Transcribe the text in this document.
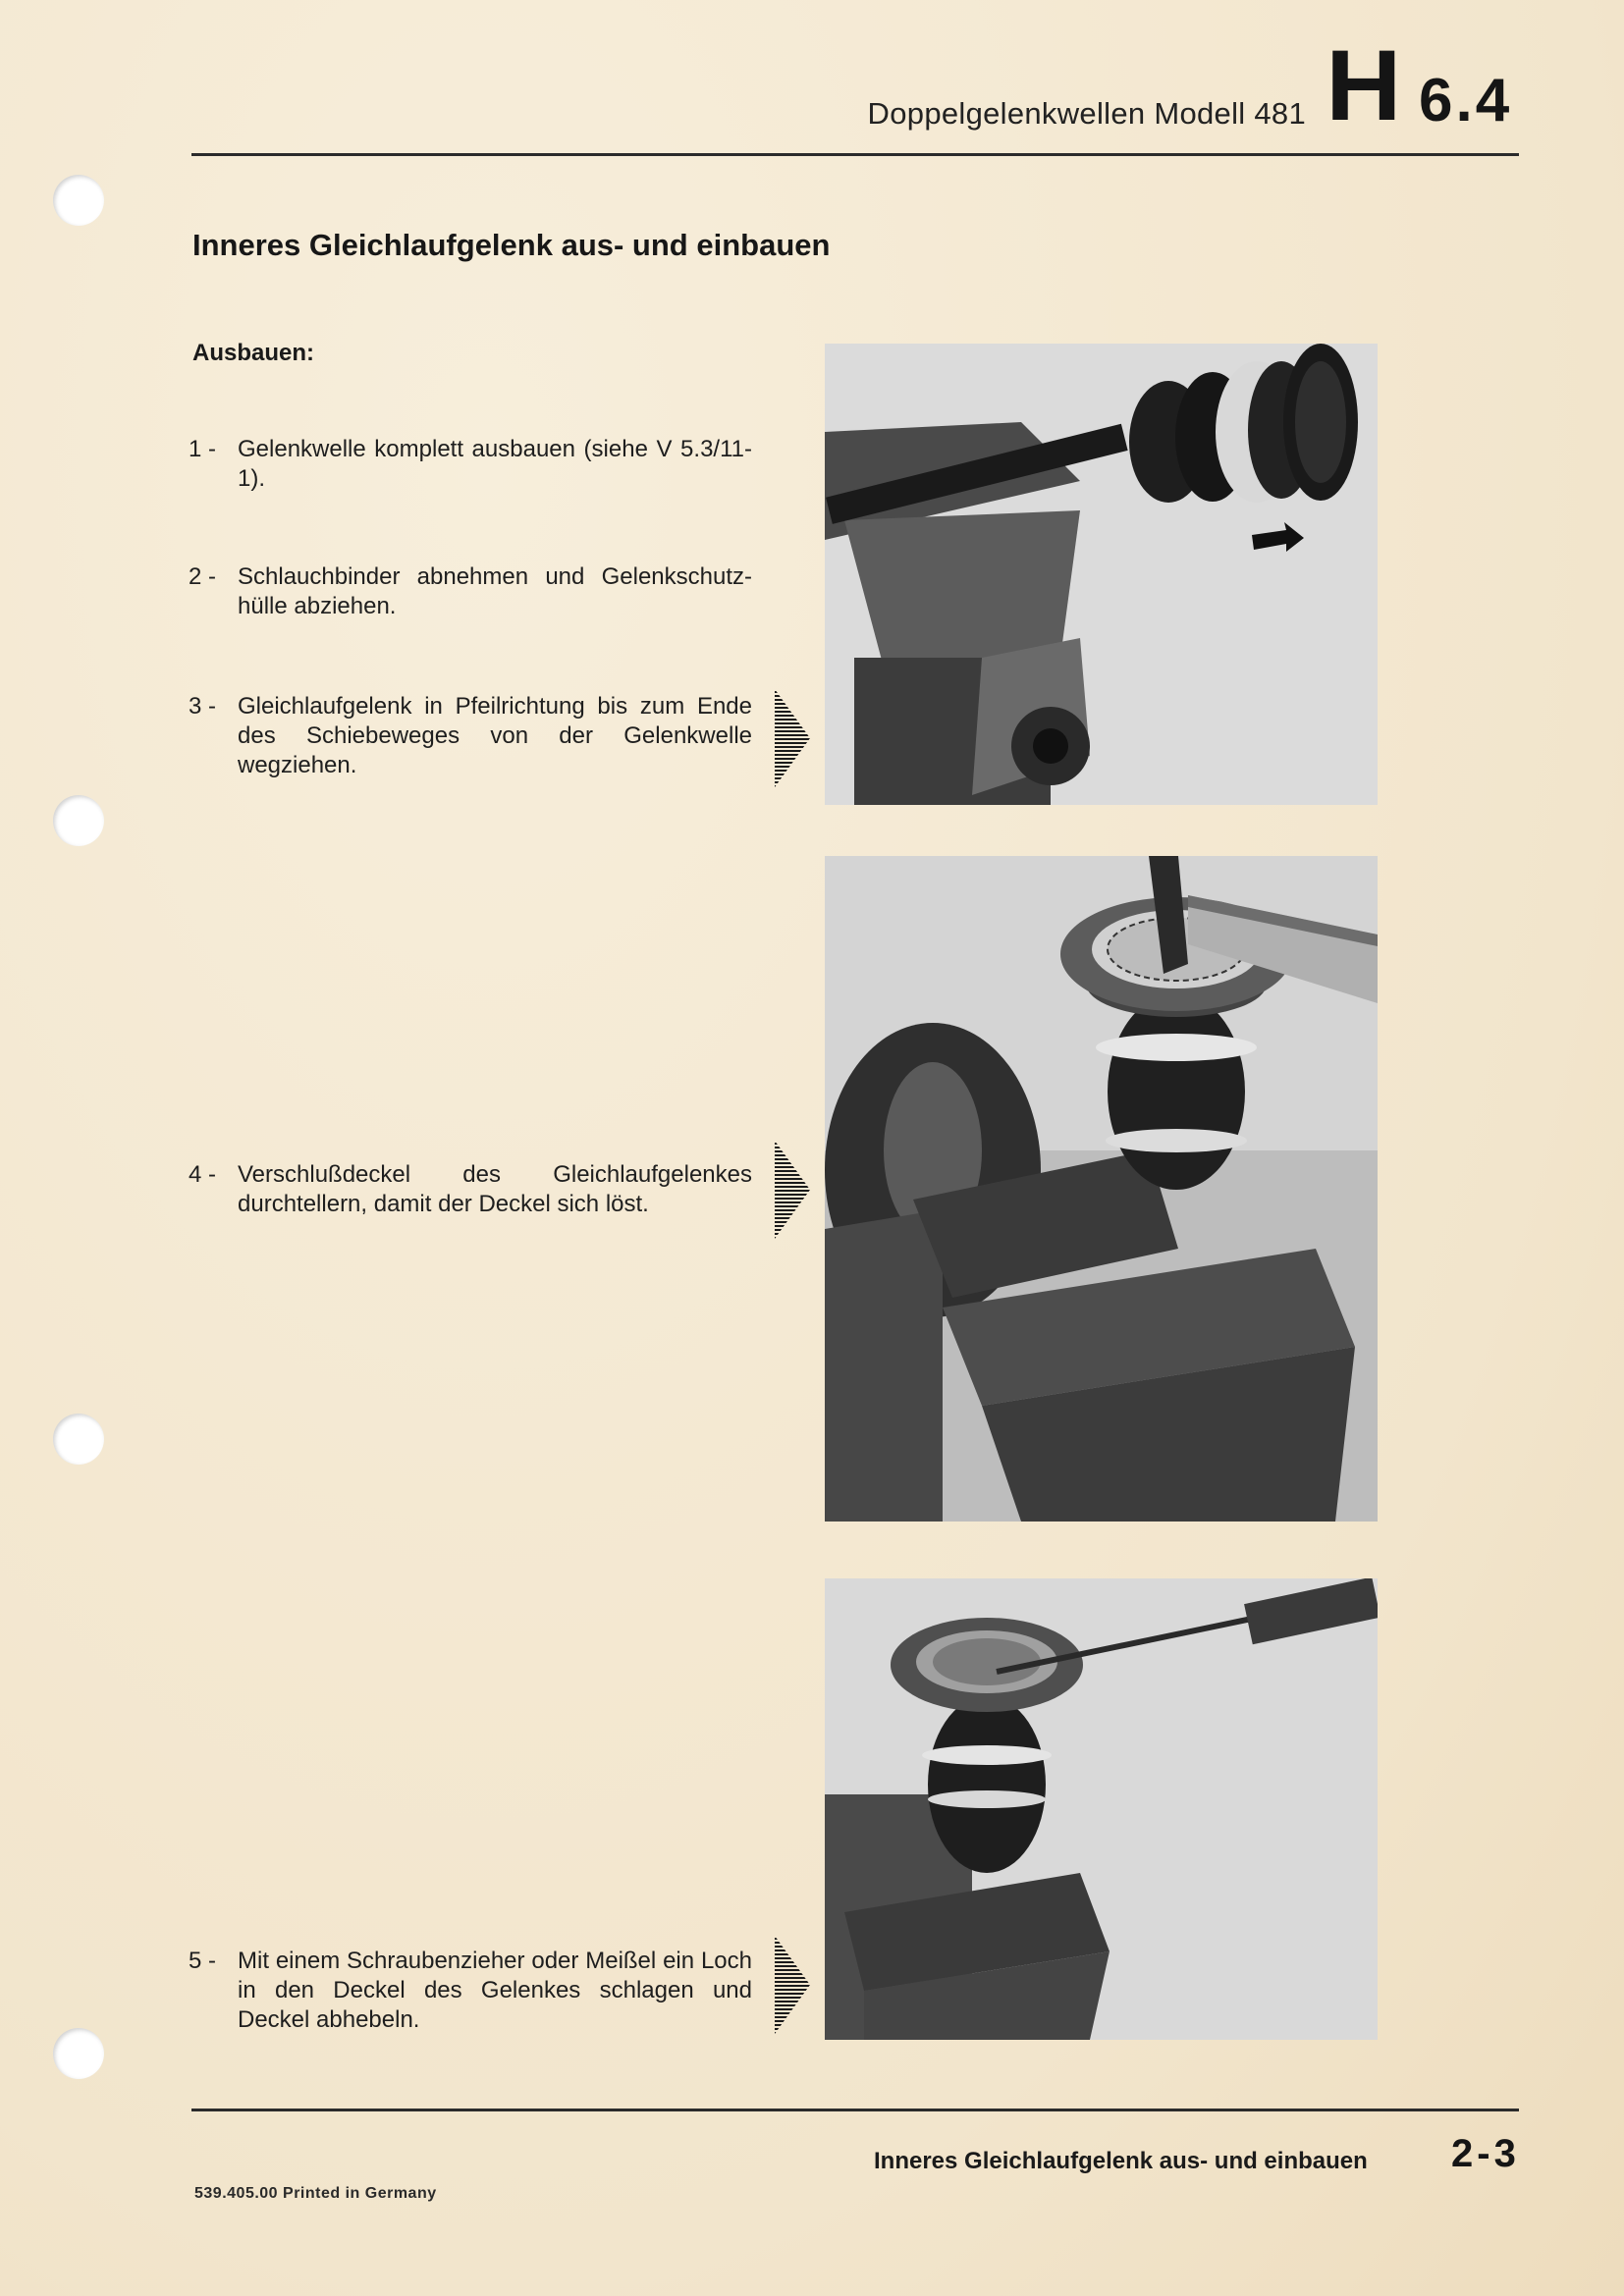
Doppelgelenkwellen Modell 481 H 6.4
Inneres Gleichlaufgelenk aus- und einbauen
Ausbauen:
1 - Gelenkwelle komplett ausbauen (siehe V 5.3/11-1).
2 - Schlauchbinder abnehmen und Gelenkschutzhülle abziehen.
3 - Gleichlaufgelenk in Pfeilrichtung bis zum Ende des Schiebeweges von der Gelenkwelle wegziehen.
4 - Verschlußdeckel des Gleichlaufgelenkes durchtellern, damit der Deckel sich löst.
5 - Mit einem Schraubenzieher oder Meißel ein Loch in den Deckel des Gelenkes schlagen und Deckel abhebeln.
Inneres Gleichlaufgelenk aus- und einbauen 2-3
539.405.00 Printed in Germany
